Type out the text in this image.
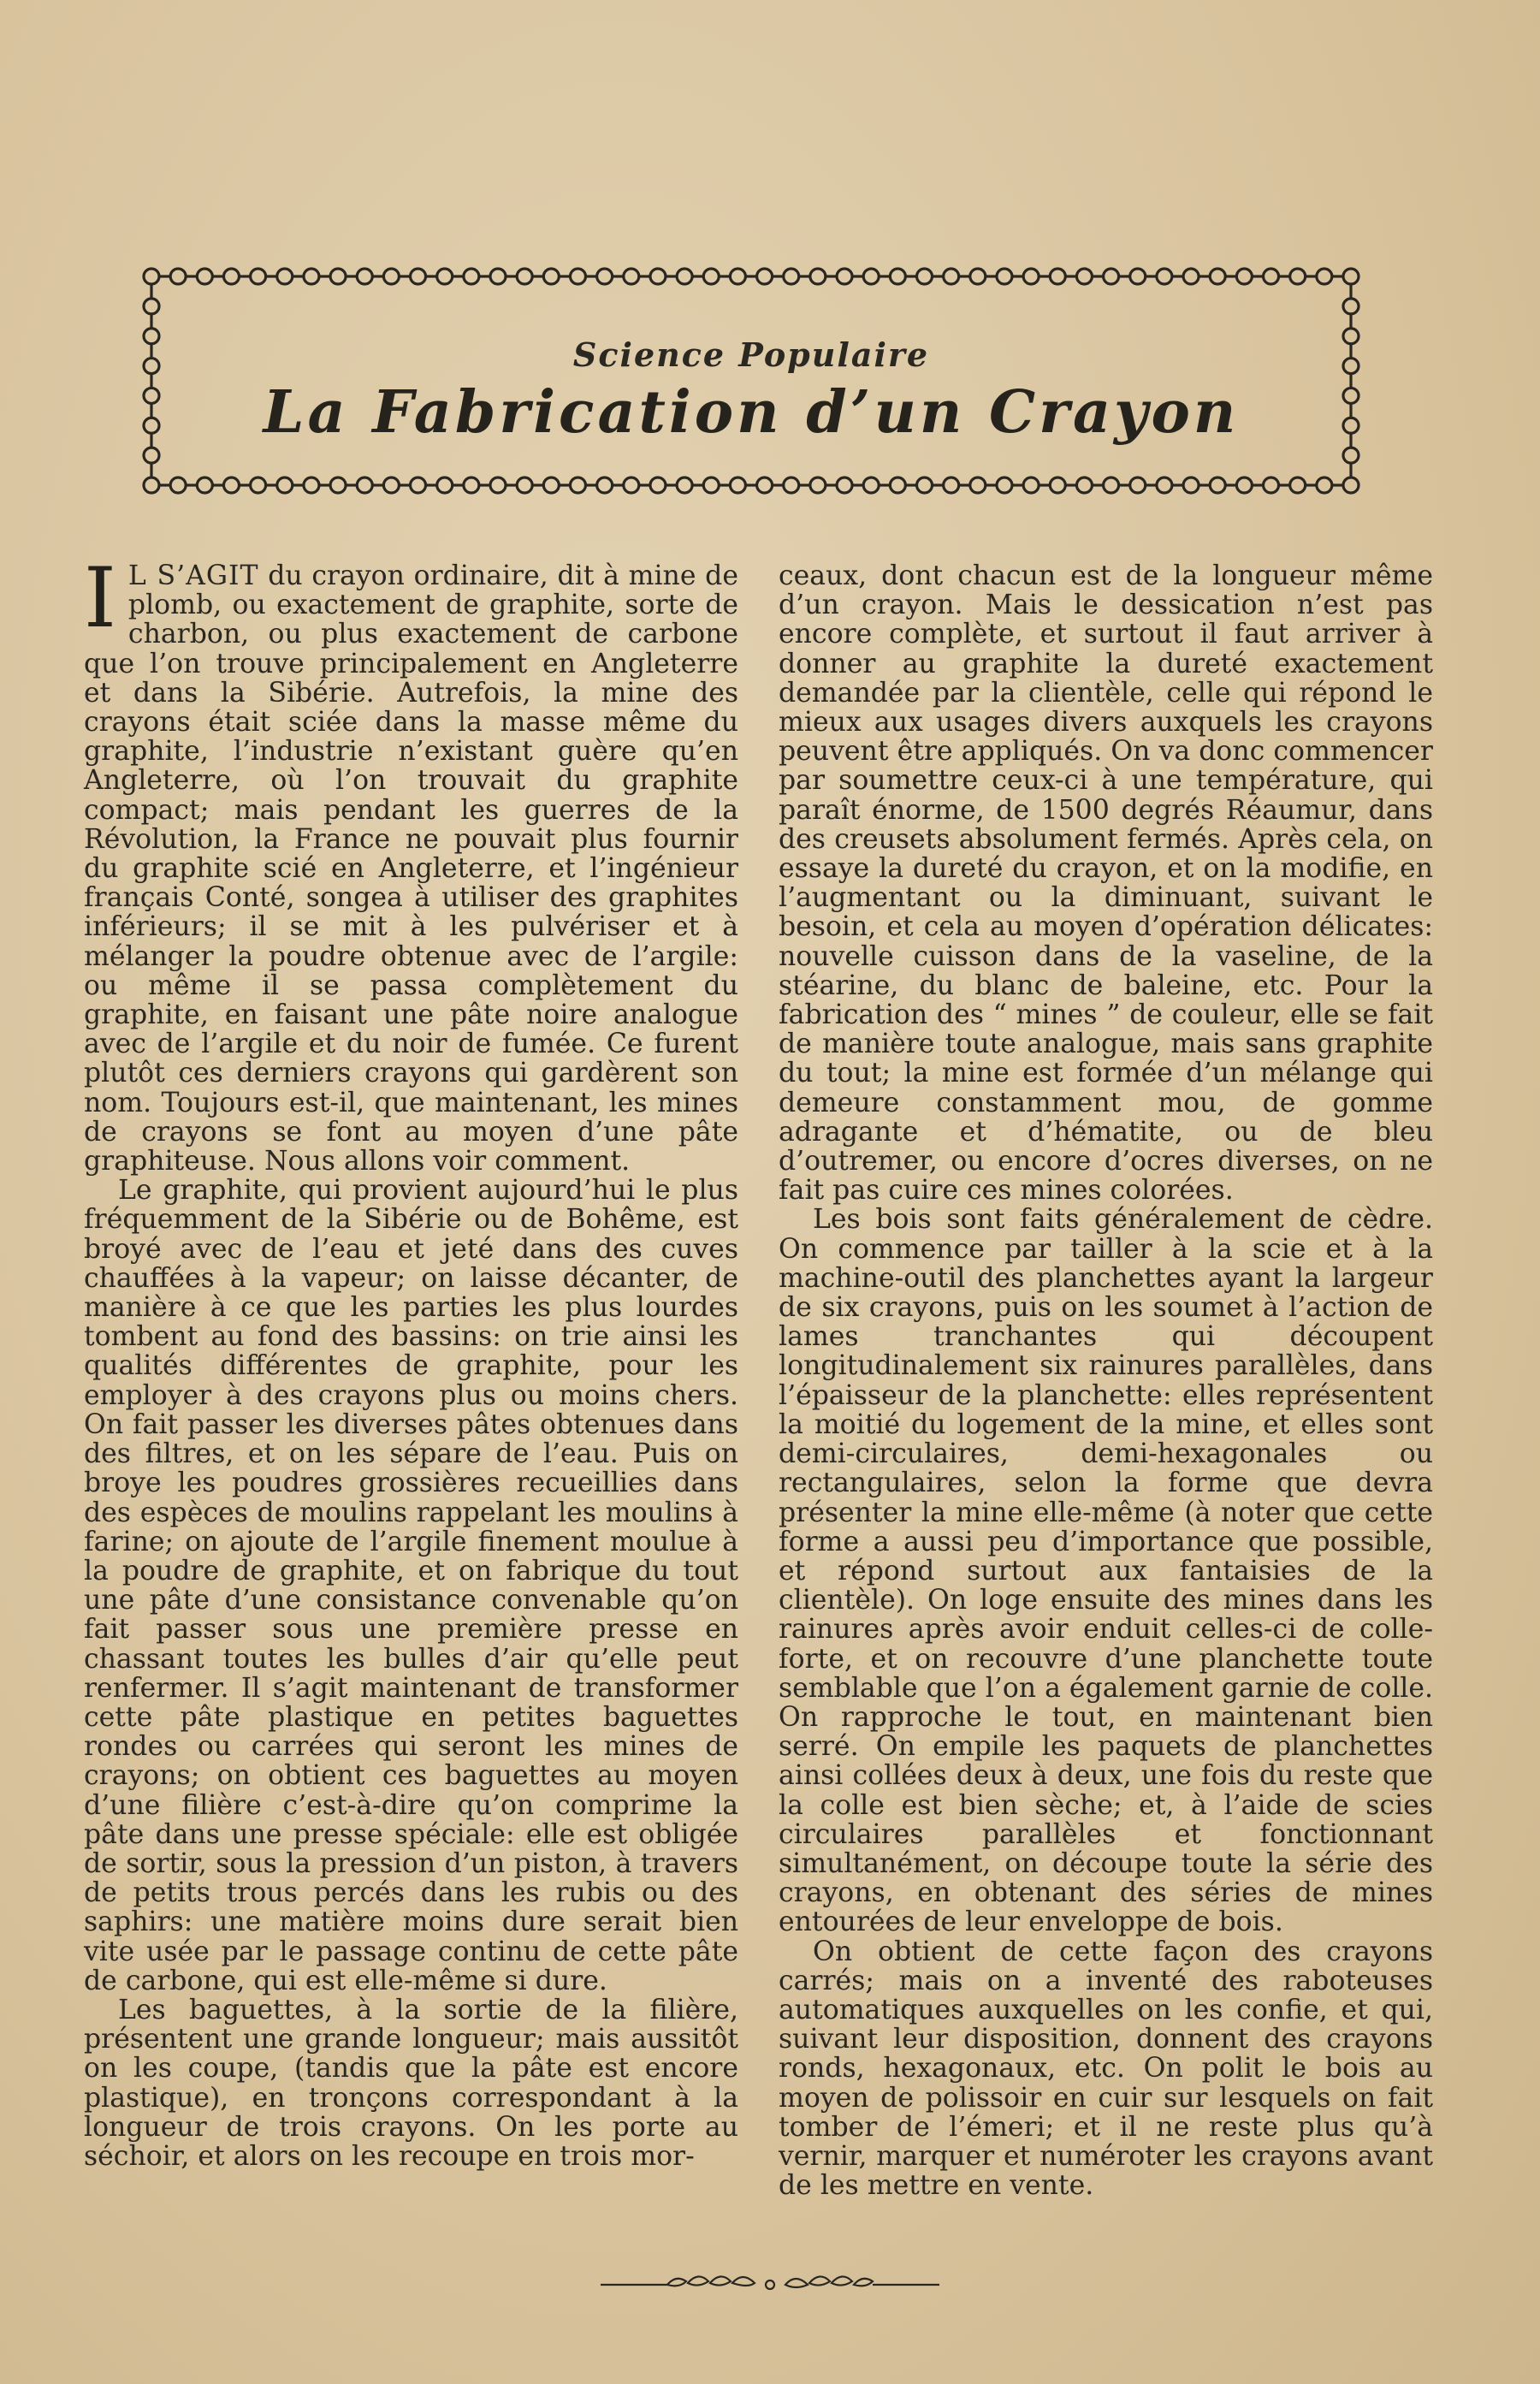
Science Populaire
La Fabrication d’un Crayon

I L S’AGIT du crayon ordinaire, dit à mine de plomb, ou exactement de graphite, sorte de charbon, ou plus exactement de carbone que l’on trouve principalement en Angleterre et dans la Sibérie. Autrefois, la mine des crayons était sciée dans la masse même du graphite, l’industrie n’existant guère qu’en Angleterre, où l’on trouvait du graphite compact; mais pendant les guerres de la Révolution, la France ne pouvait plus fournir du graphite scié en Angleterre, et l’ingénieur français Conté, songea à utiliser des graphites inférieurs; il se mit à les pulvériser et à mélanger la poudre obtenue avec de l’argile: ou même il se passa complètement du graphite, en faisant une pâte noire analogue avec de l’argile et du noir de fumée. Ce furent plutôt ces derniers crayons qui gardèrent son nom. Toujours est-il, que maintenant, les mines de crayons se font au moyen d’une pâte graphiteuse. Nous allons voir comment.

Le graphite, qui provient aujourd’hui le plus fréquemment de la Sibérie ou de Bohême, est broyé avec de l’eau et jeté dans des cuves chauffées à la vapeur; on laisse décanter, de manière à ce que les parties les plus lourdes tombent au fond des bassins: on trie ainsi les qualités différentes de graphite, pour les employer à des crayons plus ou moins chers. On fait passer les diverses pâtes obtenues dans des filtres, et on les sépare de l’eau. Puis on broye les poudres grossières recueillies dans des espèces de moulins rappelant les moulins à farine; on ajoute de l’argile finement moulue à la poudre de graphite, et on fabrique du tout une pâte d’une consistance convenable qu’on fait passer sous une première presse en chassant toutes les bulles d’air qu’elle peut renfermer. Il s’agit maintenant de transformer cette pâte plastique en petites baguettes rondes ou carrées qui seront les mines de crayons; on obtient ces baguettes au moyen d’une filière c’est-à-dire qu’on comprime la pâte dans une presse spéciale: elle est obligée de sortir, sous la pression d’un piston, à travers de petits trous percés dans les rubis ou des saphirs: une matière moins dure serait bien vite usée par le passage continu de cette pâte de carbone, qui est elle-même si dure.

Les baguettes, à la sortie de la filière, présentent une grande longueur; mais aussitôt on les coupe, (tandis que la pâte est encore plastique), en tronçons correspondant à la longueur de trois crayons. On les porte au séchoir, et alors on les recoupe en trois mor-

ceaux, dont chacun est de la longueur même d’un crayon. Mais le dessication n’est pas encore complète, et surtout il faut arriver à donner au graphite la dureté exactement demandée par la clientèle, celle qui répond le mieux aux usages divers auxquels les crayons peuvent être appliqués. On va donc commencer par soumettre ceux-ci à une température, qui paraît énorme, de 1500 degrés Réaumur, dans des creusets absolument fermés. Après cela, on essaye la dureté du crayon, et on la modifie, en l’augmentant ou la diminuant, suivant le besoin, et cela au moyen d’opération délicates: nouvelle cuisson dans de la vaseline, de la stéarine, du blanc de baleine, etc. Pour la fabrication des “ mines ” de couleur, elle se fait de manière toute analogue, mais sans graphite du tout; la mine est formée d’un mélange qui demeure constamment mou, de gomme adragante et d’hématite, ou de bleu d’outremer, ou encore d’ocres diverses, on ne fait pas cuire ces mines colorées.

Les bois sont faits généralement de cèdre. On commence par tailler à la scie et à la machine-outil des planchettes ayant la largeur de six crayons, puis on les soumet à l’action de lames tranchantes qui découpent longitudinalement six rainures parallèles, dans l’épaisseur de la planchette: elles représentent la moitié du logement de la mine, et elles sont demi-circulaires, demi-hexagonales ou rectangulaires, selon la forme que devra présenter la mine elle-même (à noter que cette forme a aussi peu d’importance que possible, et répond surtout aux fantaisies de la clientèle). On loge ensuite des mines dans les rainures après avoir enduit celles-ci de colle-forte, et on recouvre d’une planchette toute semblable que l’on a également garnie de colle. On rapproche le tout, en maintenant bien serré. On empile les paquets de planchettes ainsi collées deux à deux, une fois du reste que la colle est bien sèche; et, à l’aide de scies circulaires parallèles et fonctionnant simultanément, on découpe toute la série des crayons, en obtenant des séries de mines entourées de leur enveloppe de bois.

On obtient de cette façon des crayons carrés; mais on a inventé des raboteuses automatiques auxquelles on les confie, et qui, suivant leur disposition, donnent des crayons ronds, hexagonaux, etc. On polit le bois au moyen de polissoir en cuir sur lesquels on fait tomber de l’émeri; et il ne reste plus qu’à vernir, marquer et numéroter les crayons avant de les mettre en vente.
